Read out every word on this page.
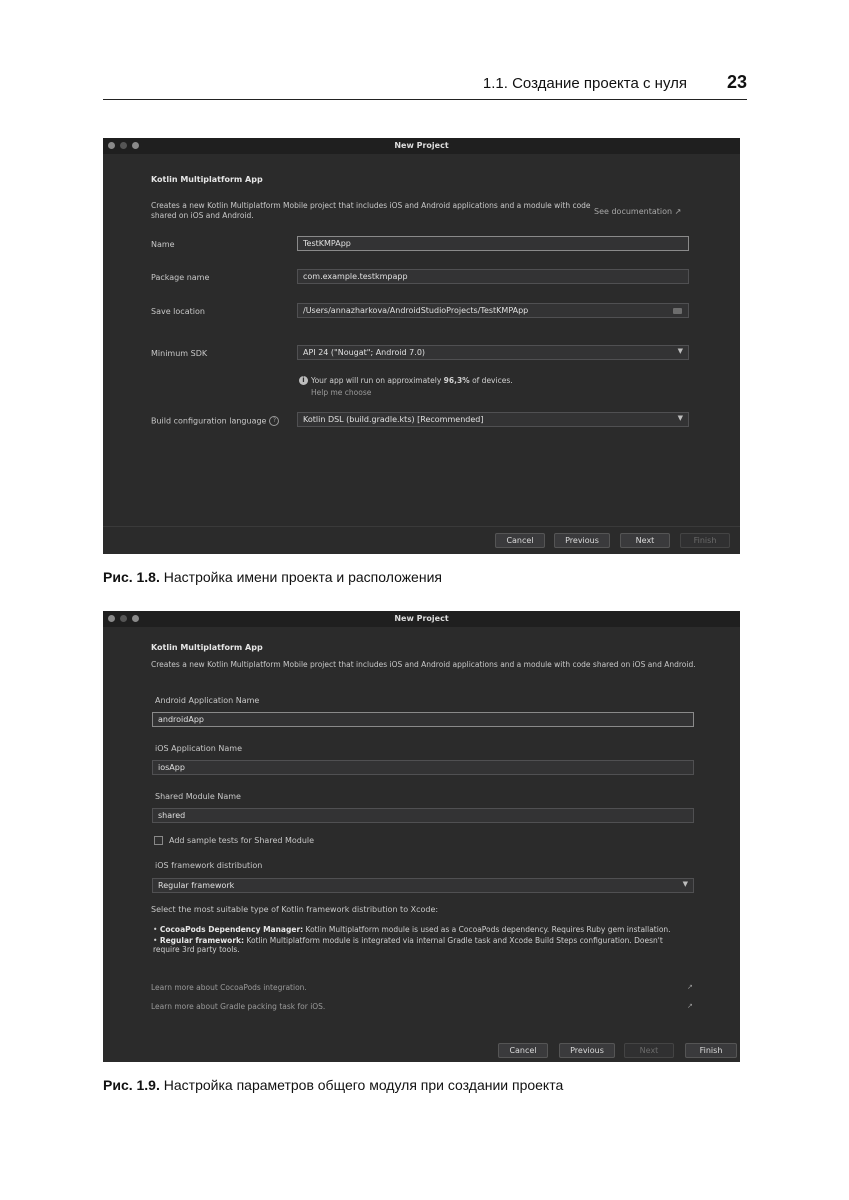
1.1. Создание проекта с нуля 23
New Project
Kotlin Multiplatform App
Creates a new Kotlin Multiplatform Mobile project that includes iOS and Android applications and a module with code shared on iOS and Android.	See documentation ↗
Name	TestKMPApp
Package name	com.example.testkmpapp
Save location	/Users/annazharkova/AndroidStudioProjects/TestKMPApp
Minimum SDK	API 24 ("Nougat"; Android 7.0)	▼
i Your app will run on approximately 96,3% of devices.
Help me choose
Build configuration language ?	Kotlin DSL (build.gradle.kts) [Recommended]	▼
Cancel	Previous	Next	Finish
Рис. 1.8. Настройка имени проекта и расположения
New Project
Kotlin Multiplatform App
Creates a new Kotlin Multiplatform Mobile project that includes iOS and Android applications and a module with code shared on iOS and Android.
Android Application Name
androidApp
iOS Application Name
iosApp
Shared Module Name
shared
Add sample tests for Shared Module
iOS framework distribution
Regular framework	▼
Select the most suitable type of Kotlin framework distribution to Xcode:
• CocoaPods Dependency Manager: Kotlin Multiplatform module is used as a CocoaPods dependency. Requires Ruby gem installation.
• Regular framework: Kotlin Multiplatform module is integrated via internal Gradle task and Xcode Build Steps configuration. Doesn't require 3rd party tools.
Learn more about CocoaPods integration.	↗
Learn more about Gradle packing task for iOS.	↗
Cancel	Previous	Next	Finish
Рис. 1.9. Настройка параметров общего модуля при создании проекта
